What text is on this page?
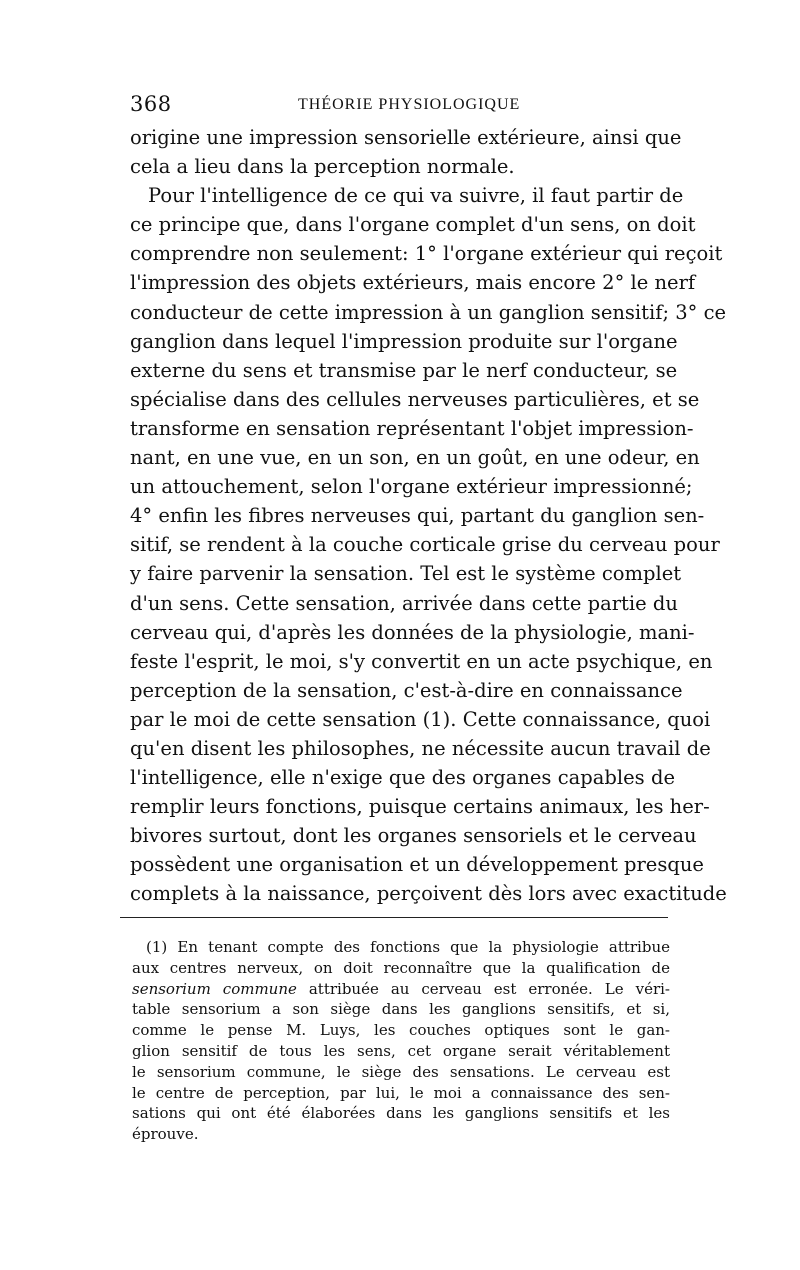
368	THÉORIE PHYSIOLOGIQUE
origine une impression sensorielle extérieure, ainsi que
cela a lieu dans la perception normale.
Pour l'intelligence de ce qui va suivre, il faut partir de
ce principe que, dans l'organe complet d'un sens, on doit
comprendre non seulement: 1° l'organe extérieur qui reçoit
l'impression des objets extérieurs, mais encore 2° le nerf
conducteur de cette impression à un ganglion sensitif; 3° ce
ganglion dans lequel l'impression produite sur l'organe
externe du sens et transmise par le nerf conducteur, se
spécialise dans des cellules nerveuses particulières, et se
transforme en sensation représentant l'objet impression-
nant, en une vue, en un son, en un goût, en une odeur, en
un attouchement, selon l'organe extérieur impressionné;
4° enfin les fibres nerveuses qui, partant du ganglion sen-
sitif, se rendent à la couche corticale grise du cerveau pour
y faire parvenir la sensation. Tel est le système complet
d'un sens. Cette sensation, arrivée dans cette partie du
cerveau qui, d'après les données de la physiologie, mani-
feste l'esprit, le moi, s'y convertit en un acte psychique, en
perception de la sensation, c'est-à-dire en connaissance
par le moi de cette sensation (1). Cette connaissance, quoi
qu'en disent les philosophes, ne nécessite aucun travail de
l'intelligence, elle n'exige que des organes capables de
remplir leurs fonctions, puisque certains animaux, les her-
bivores surtout, dont les organes sensoriels et le cerveau
possèdent une organisation et un développement presque
complets à la naissance, perçoivent dès lors avec exactitude
(1) En tenant compte des fonctions que la physiologie attribue
aux centres nerveux, on doit reconnaître que la qualification de
sensorium commune attribuée au cerveau est erronée. Le véri-
table sensorium a son siège dans les ganglions sensitifs, et si,
comme le pense M. Luys, les couches optiques sont le gan-
glion sensitif de tous les sens, cet organe serait véritablement
le sensorium commune, le siège des sensations. Le cerveau est
le centre de perception, par lui, le moi a connaissance des sen-
sations qui ont été élaborées dans les ganglions sensitifs et les
éprouve.
